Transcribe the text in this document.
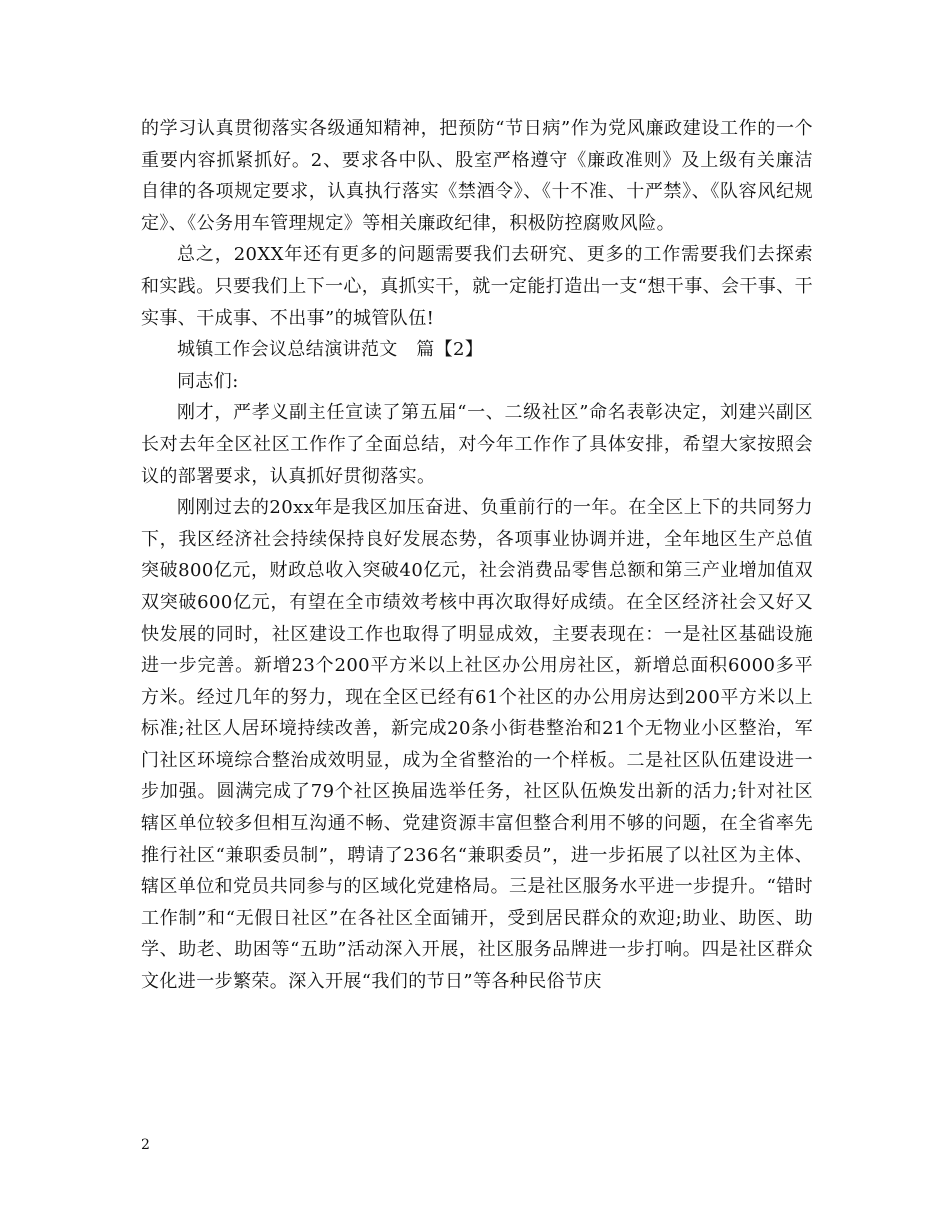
的学习认真贯彻落实各级通知精神，把预防“节日病”作为党风廉政建设工作的一个重要内容抓紧抓好。2、要求各中队、股室严格遵守《廉政准则》及上级有关廉洁自律的各项规定要求，认真执行落实《禁酒令》、《十不准、十严禁》、《队容风纪规定》、《公务用车管理规定》等相关廉政纪律，积极防控腐败风险。

总之，20XX年还有更多的问题需要我们去研究、更多的工作需要我们去探索和实践。只要我们上下一心，真抓实干，就一定能打造出一支“想干事、会干事、干实事、干成事、不出事”的城管队伍!

城镇工作会议总结演讲范文　篇【2】

同志们:

刚才，严孝义副主任宣读了第五届“一、二级社区”命名表彰决定，刘建兴副区长对去年全区社区工作作了全面总结，对今年工作作了具体安排，希望大家按照会议的部署要求，认真抓好贯彻落实。

刚刚过去的20xx年是我区加压奋进、负重前行的一年。在全区上下的共同努力下，我区经济社会持续保持良好发展态势，各项事业协调并进，全年地区生产总值突破800亿元，财政总收入突破40亿元，社会消费品零售总额和第三产业增加值双双突破600亿元，有望在全市绩效考核中再次取得好成绩。在全区经济社会又好又快发展的同时，社区建设工作也取得了明显成效，主要表现在：一是社区基础设施进一步完善。新增23个200平方米以上社区办公用房社区，新增总面积6000多平方米。经过几年的努力，现在全区已经有61个社区的办公用房达到200平方米以上标准;社区人居环境持续改善，新完成20条小街巷整治和21个无物业小区整治，军门社区环境综合整治成效明显，成为全省整治的一个样板。二是社区队伍建设进一步加强。圆满完成了79个社区换届选举任务，社区队伍焕发出新的活力;针对社区辖区单位较多但相互沟通不畅、党建资源丰富但整合利用不够的问题，在全省率先推行社区“兼职委员制”，聘请了236名“兼职委员”，进一步拓展了以社区为主体、辖区单位和党员共同参与的区域化党建格局。三是社区服务水平进一步提升。“错时工作制”和“无假日社区”在各社区全面铺开，受到居民群众的欢迎;助业、助医、助学、助老、助困等“五助”活动深入开展，社区服务品牌进一步打响。四是社区群众文化进一步繁荣。深入开展“我们的节日”等各种民俗节庆

2
